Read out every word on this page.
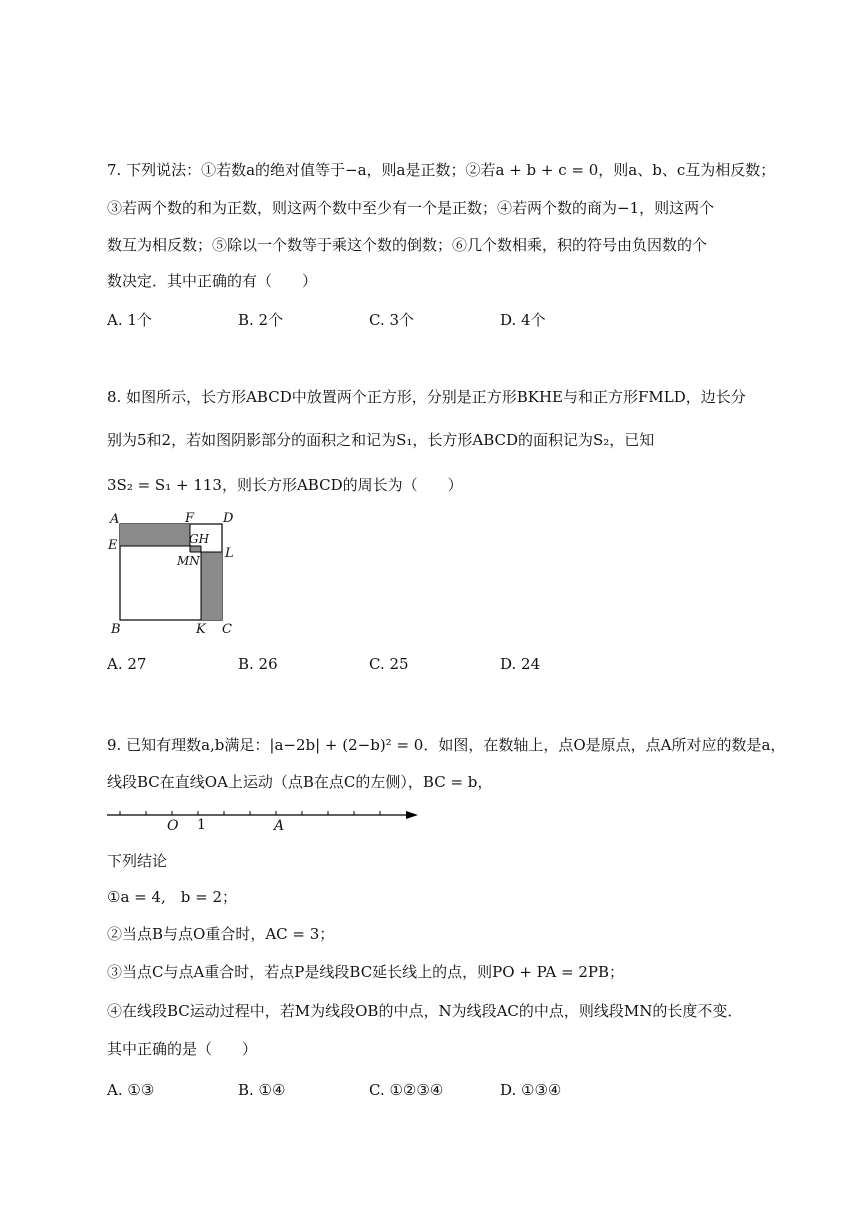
7. 下列说法：①若数a的绝对值等于−a，则a是正数；②若a + b + c = 0，则a、b、c互为相反数；
③若两个数的和为正数，则这两个数中至少有一个是正数；④若两个数的商为−1，则这两个
数互为相反数；⑤除以一个数等于乘这个数的倒数；⑥几个数相乘，积的符号由负因数的个
数决定．其中正确的有（　　）
A. 1个	B. 2个	C. 3个	D. 4个
8. 如图所示，长方形ABCD中放置两个正方形，分别是正方形BKHE与和正方形FMLD，边长分
别为5和2，若如图阴影部分的面积之和记为S₁，长方形ABCD的面积记为S₂，已知
3S₂ = S₁ + 113，则长方形ABCD的周长为（　　）
A	F D
E	GH
L
MN
B	K C
A. 27	B. 26	C. 25	D. 24
9. 已知有理数a,b满足：|a−2b| + (2−b)² = 0．如图，在数轴上，点O是原点，点A所对应的数是a，
线段BC在直线OA上运动（点B在点C的左侧），BC = b，
O 1	A
下列结论
①a = 4,　b = 2；
②当点B与点O重合时，AC = 3；
③当点C与点A重合时，若点P是线段BC延长线上的点，则PO + PA = 2PB；
④在线段BC运动过程中，若M为线段OB的中点，N为线段AC的中点，则线段MN的长度不变．
其中正确的是（　　）
A. ①③	B. ①④	C. ①②③④	D. ①③④
